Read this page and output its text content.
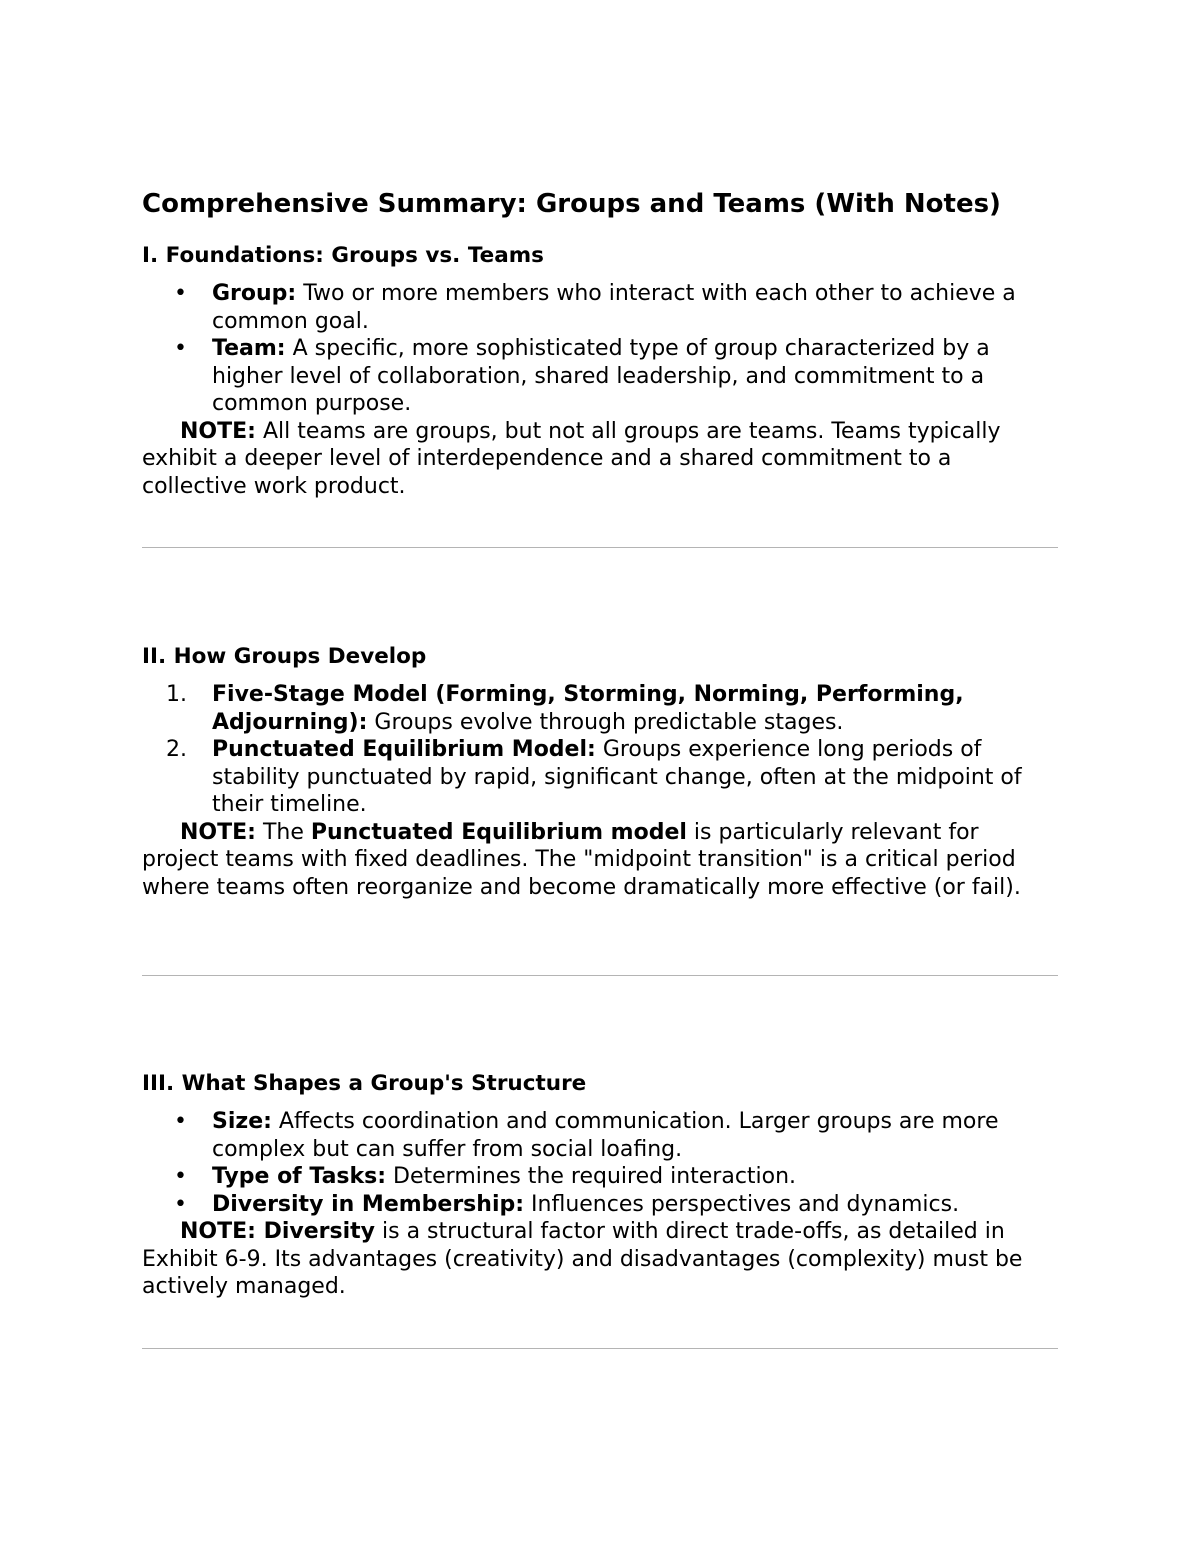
Comprehensive Summary: Groups and Teams (With Notes)
I. Foundations: Groups vs. Teams
• Group: Two or more members who interact with each other to achieve a common goal.
• Team: A specific, more sophisticated type of group characterized by a higher level of collaboration, shared leadership, and commitment to a common purpose.

NOTE: All teams are groups, but not all groups are teams. Teams typically exhibit a deeper level of interdependence and a shared commitment to a collective work product.

II. How Groups Develop
1. Five-Stage Model (Forming, Storming, Norming, Performing, Adjourning): Groups evolve through predictable stages.
2. Punctuated Equilibrium Model: Groups experience long periods of stability punctuated by rapid, significant change, often at the midpoint of their timeline.

NOTE: The Punctuated Equilibrium model is particularly relevant for project teams with fixed deadlines. The "midpoint transition" is a critical period where teams often reorganize and become dramatically more effective (or fail).

III. What Shapes a Group's Structure
• Size: Affects coordination and communication. Larger groups are more complex but can suffer from social loafing.
• Type of Tasks: Determines the required interaction.
• Diversity in Membership: Influences perspectives and dynamics.

NOTE: Diversity is a structural factor with direct trade-offs, as detailed in Exhibit 6-9. Its advantages (creativity) and disadvantages (complexity) must be actively managed.
